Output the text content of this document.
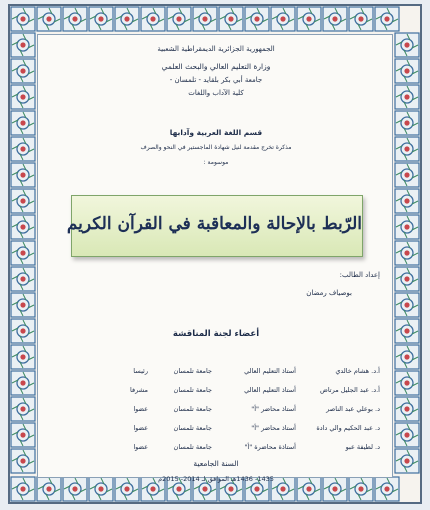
الجمهورية الجزائرية الديمقراطية الشعبية
وزارة التعليم العالي والبحث العلمي
جامعة أبي بكر بلقايد - تلمسان -
كلية الآداب واللغات
قسم اللغة العربية وآدابها
مذكرة تخرج مقدمة لنيل شهادة الماجستير في النحو والصرف
موسومة :
الرّبط بالإحالة والمعاقبة في القرآن الكريم
إعداد الطالب:
بوصياف رمضان
أعضاء لجنة المناقشة
أ.د. هشام خالدي
أستاذ التعليم العالي
جامعة تلمسان
رئيسا
أ.د. عبد الجليل مرتاض
أستاذ التعليم العالي
جامعة تلمسان
مشرفا
د. بوعلي عبد الناصر
أستاذ محاضر "أ"
جامعة تلمسان
عضوا
د. عبد الحكيم والي دادة
أستاذ محاضر "أ"
جامعة تلمسان
عضوا
د. لطيفة عبو
أستاذة محاضرة "أ"
جامعة تلمسان
عضوا
السنة الجامعية
1435- 1436هـ الموافق لـ 2014- 2015م
